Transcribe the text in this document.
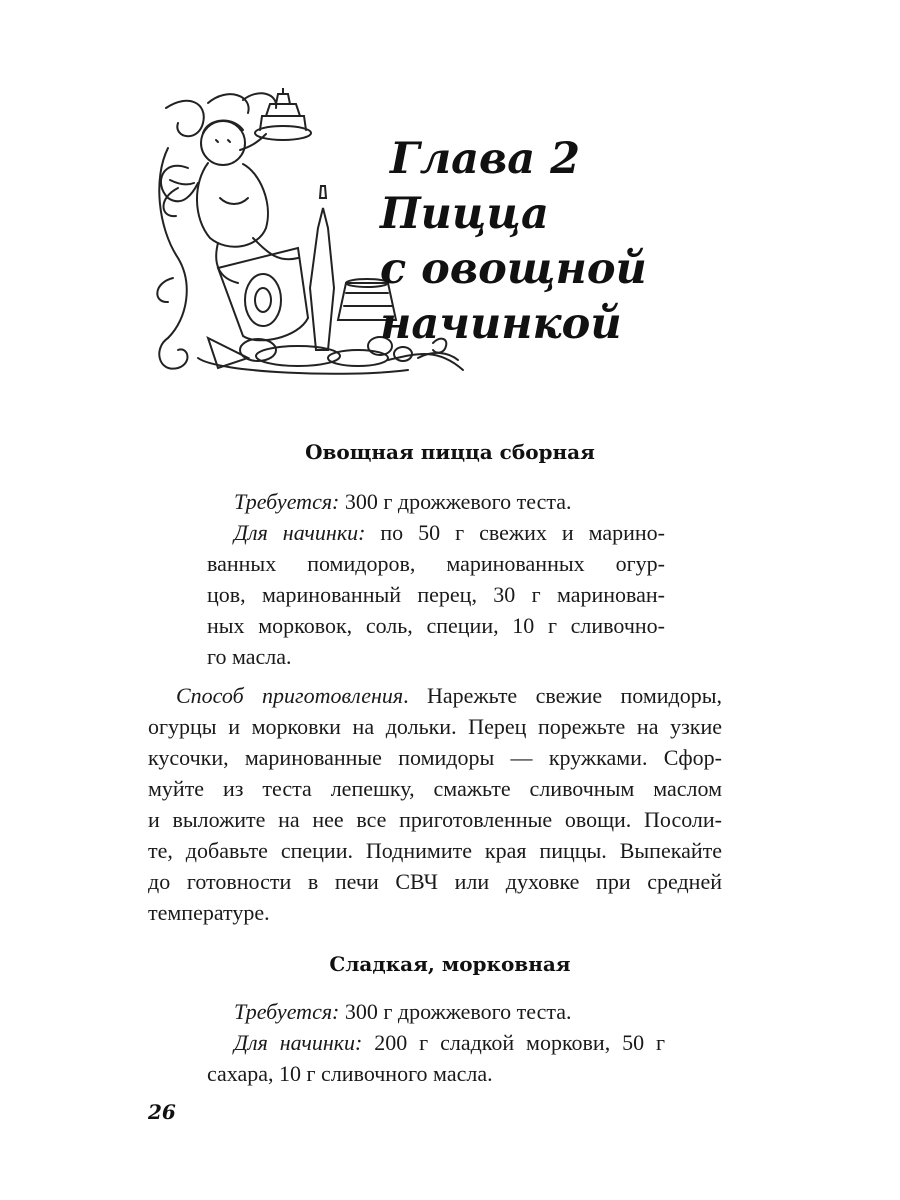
Глава 2
Пицца
с овощной
начинкой
Овощная пицца сборная
Требуется: 300 г дрожжевого теста.
Для начинки: по 50 г свежих и марино-
ванных помидоров, маринованных огур-
цов, маринованный перец, 30 г маринован-
ных морковок, соль, специи, 10 г сливочно-
го масла.
Способ приготовления. Нарежьте свежие помидоры,
огурцы и морковки на дольки. Перец порежьте на узкие
кусочки, маринованные помидоры — кружками. Сфор-
муйте из теста лепешку, смажьте сливочным маслом
и выложите на нее все приготовленные овощи. Посоли-
те, добавьте специи. Поднимите края пиццы. Выпекайте
до готовности в печи СВЧ или духовке при средней
температуре.
Сладкая, морковная
Требуется: 300 г дрожжевого теста.
Для начинки: 200 г сладкой моркови, 50 г
сахара, 10 г сливочного масла.
26
